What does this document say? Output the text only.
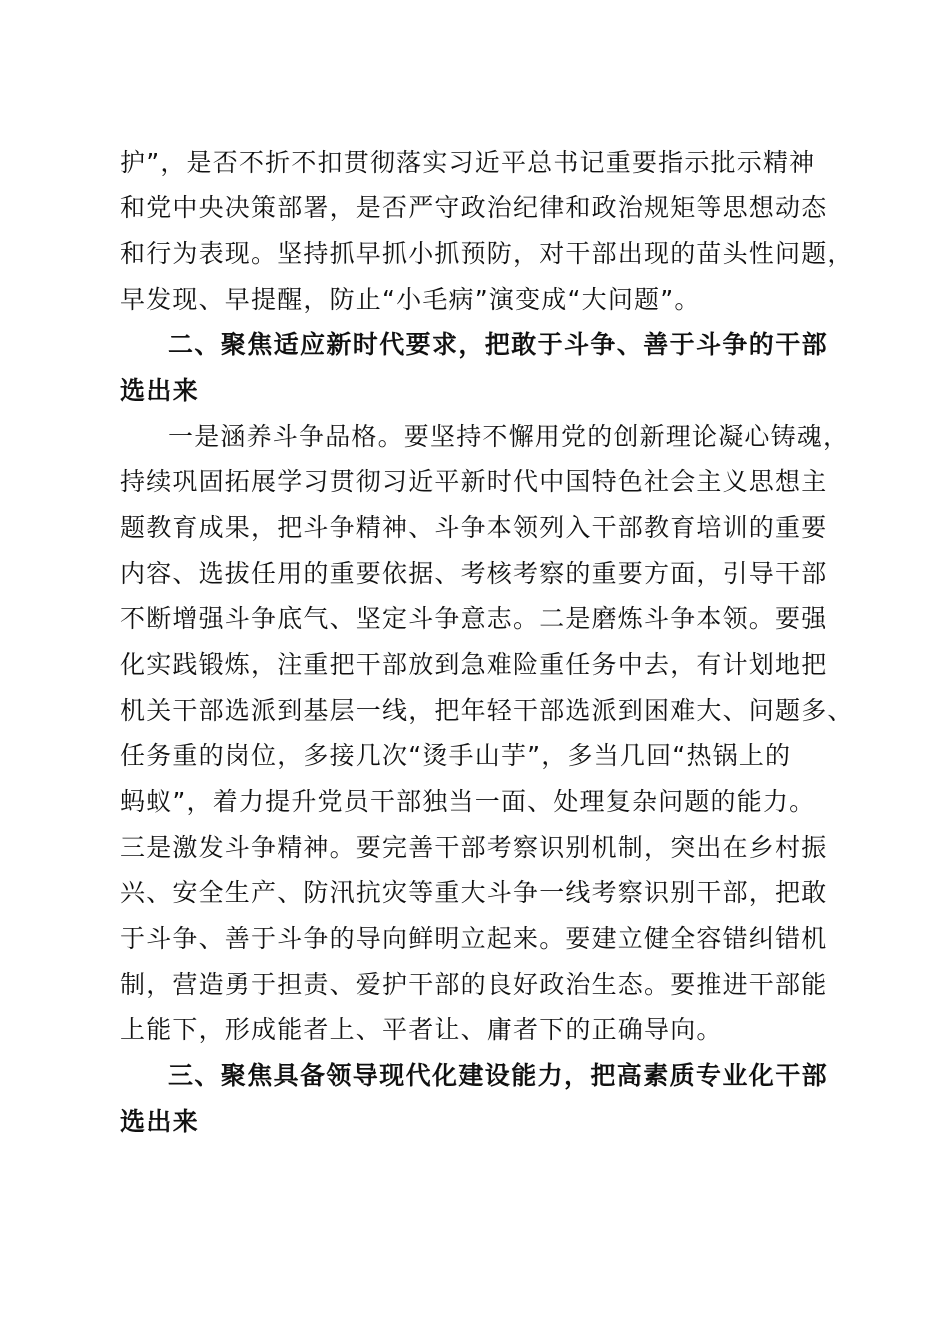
护”，是否不折不扣贯彻落实习近平总书记重要指示批示精神
和党中央决策部署，是否严守政治纪律和政治规矩等思想动态
和行为表现。坚持抓早抓小抓预防，对干部出现的苗头性问题，
早发现、早提醒，防止“小毛病”演变成“大问题”。
二、聚焦适应新时代要求，把敢于斗争、善于斗争的干部
选出来
一是涵养斗争品格。要坚持不懈用党的创新理论凝心铸魂，
持续巩固拓展学习贯彻习近平新时代中国特色社会主义思想主
题教育成果，把斗争精神、斗争本领列入干部教育培训的重要
内容、选拔任用的重要依据、考核考察的重要方面，引导干部
不断增强斗争底气、坚定斗争意志。二是磨炼斗争本领。要强
化实践锻炼，注重把干部放到急难险重任务中去，有计划地把
机关干部选派到基层一线，把年轻干部选派到困难大、问题多、
任务重的岗位，多接几次“烫手山芋”，多当几回“热锅上的
蚂蚁”，着力提升党员干部独当一面、处理复杂问题的能力。
三是激发斗争精神。要完善干部考察识别机制，突出在乡村振
兴、安全生产、防汛抗灾等重大斗争一线考察识别干部，把敢
于斗争、善于斗争的导向鲜明立起来。要建立健全容错纠错机
制，营造勇于担责、爱护干部的良好政治生态。要推进干部能
上能下，形成能者上、平者让、庸者下的正确导向。
三、聚焦具备领导现代化建设能力，把高素质专业化干部
选出来
